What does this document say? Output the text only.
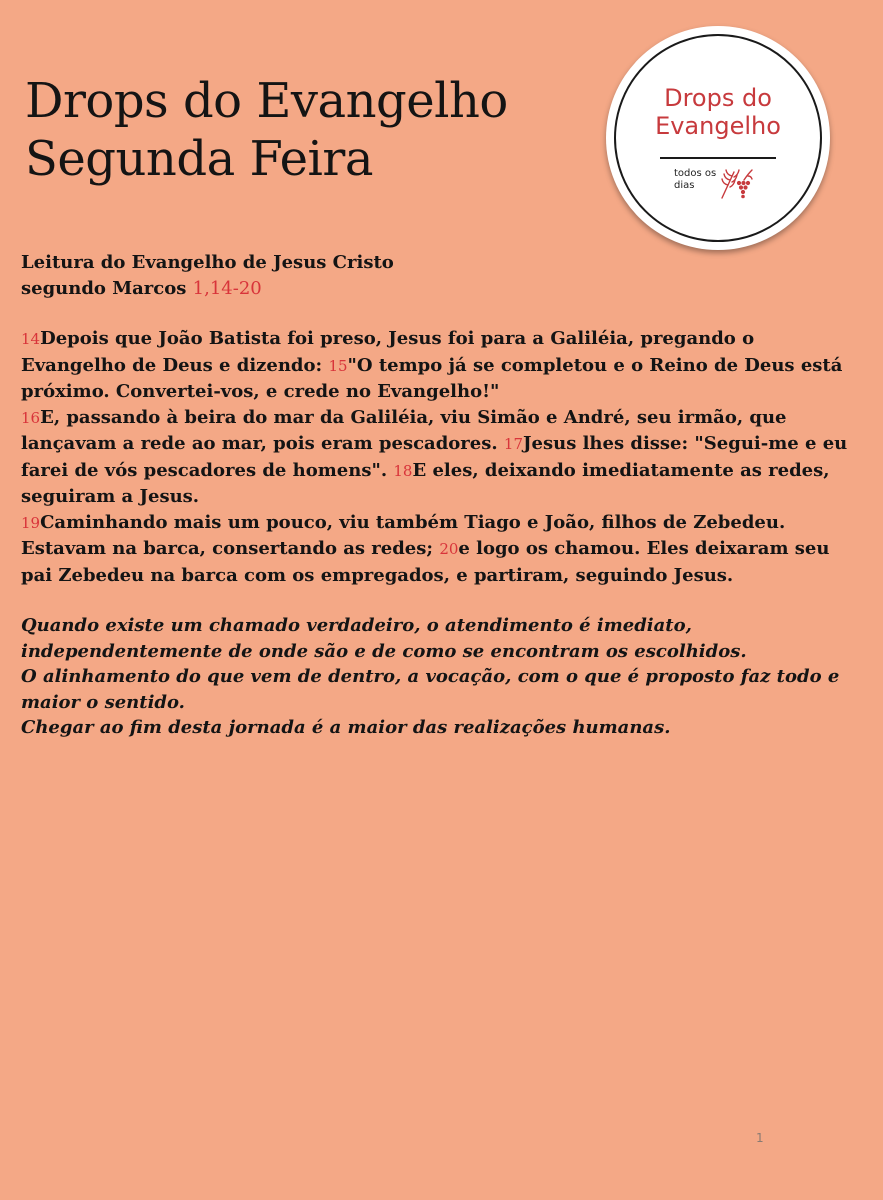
Drops do Evangelho
Segunda Feira
Drops do
Evangelho
todos os
dias

Leitura do Evangelho de Jesus Cristo
segundo Marcos 1,14-20

14Depois que João Batista foi preso, Jesus foi para a Galiléia, pregando o Evangelho de Deus e dizendo: 15"O tempo já se completou e o Reino de Deus está próximo. Convertei-vos, e crede no Evangelho!"

16E, passando à beira do mar da Galiléia, viu Simão e André, seu irmão, que lançavam a rede ao mar, pois eram pescadores. 17Jesus lhes disse: "Segui-me e eu farei de vós pescadores de homens". 18E eles, deixando imediatamente as redes, seguiram a Jesus.

19Caminhando mais um pouco, viu também Tiago e João, filhos de Zebedeu. Estavam na barca, consertando as redes; 20e logo os chamou. Eles deixaram seu pai Zebedeu na barca com os empregados, e partiram, seguindo Jesus.

Quando existe um chamado verdadeiro, o atendimento é imediato,
independentemente de onde são e de como se encontram os escolhidos.
O alinhamento do que vem de dentro, a vocação, com o que é proposto faz todo e
maior o sentido.
Chegar ao fim desta jornada é a maior das realizações humanas.

1
